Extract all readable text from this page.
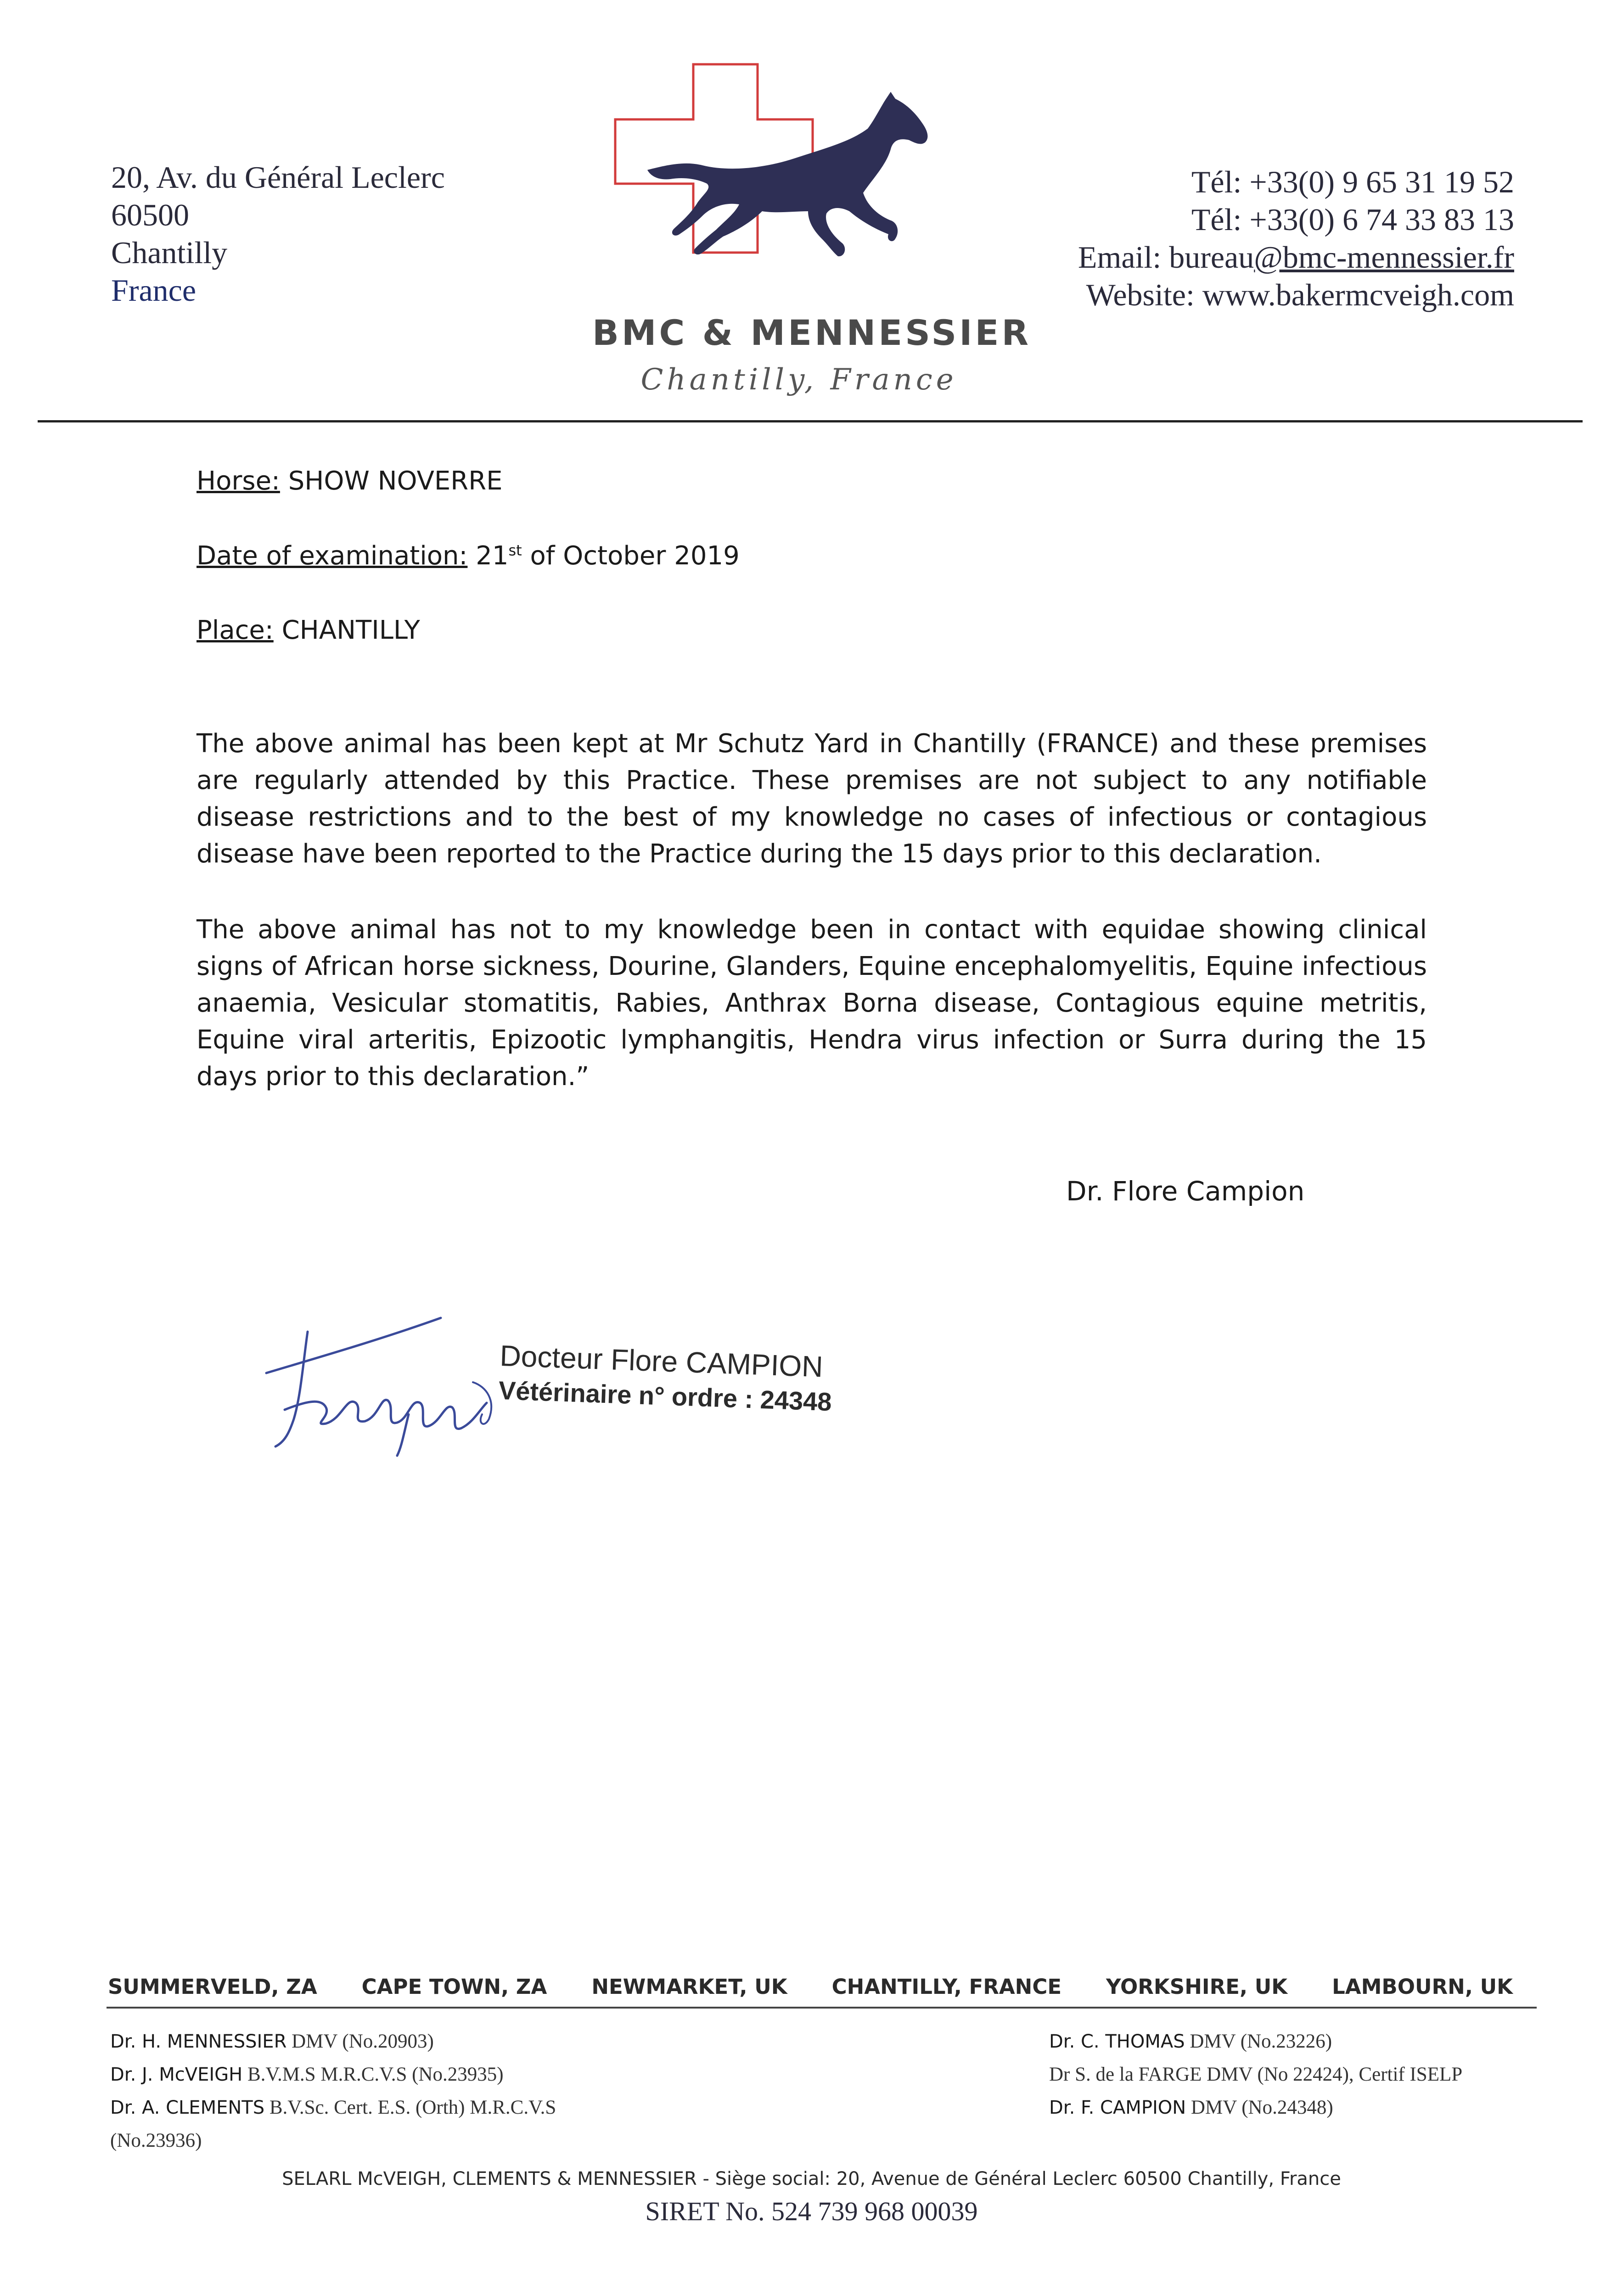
20, Av. du Général Leclerc
60500
Chantilly
France
BMC & MENNESSIER
Chantilly, France
Tél: +33(0) 9 65 31 19 52
Tél: +33(0) 6 74 33 83 13
Email: bureau@bmc-mennessier.fr
Website: www.bakermcveigh.com
Horse: SHOW NOVERRE
Date of examination: 21st of October 2019
Place: CHANTILLY
The above animal has been kept at Mr Schutz Yard in Chantilly (FRANCE) and these premises are regularly attended by this Practice. These premises are not subject to any notifiable disease restrictions and to the best of my knowledge no cases of infectious or contagious disease have been reported to the Practice during the 15 days prior to this declaration.
The above animal has not to my knowledge been in contact with equidae showing clinical signs of African horse sickness, Dourine, Glanders, Equine encephalomyelitis, Equine infectious anaemia, Vesicular stomatitis, Rabies, Anthrax Borna disease, Contagious equine metritis, Equine viral arteritis, Epizootic lymphangitis, Hendra virus infection or Surra during the 15 days prior to this declaration.”
Dr. Flore Campion
Docteur Flore CAMPION
Vétérinaire n° ordre : 24348
SUMMERVELD, ZA CAPE TOWN, ZA NEWMARKET, UK CHANTILLY, FRANCE YORKSHIRE, UK LAMBOURN, UK
Dr. H. MENNESSIER DMV (No.20903)
Dr. J. McVEIGH B.V.M.S M.R.C.V.S (No.23935)
Dr. A. CLEMENTS B.V.Sc. Cert. E.S. (Orth) M.R.C.V.S
(No.23936)
Dr. C. THOMAS DMV (No.23226)
Dr S. de la FARGE DMV (No 22424), Certif ISELP
Dr. F. CAMPION DMV (No.24348)
SELARL McVEIGH, CLEMENTS & MENNESSIER - Siège social: 20, Avenue de Général Leclerc 60500 Chantilly, France
SIRET No. 524 739 968 00039
